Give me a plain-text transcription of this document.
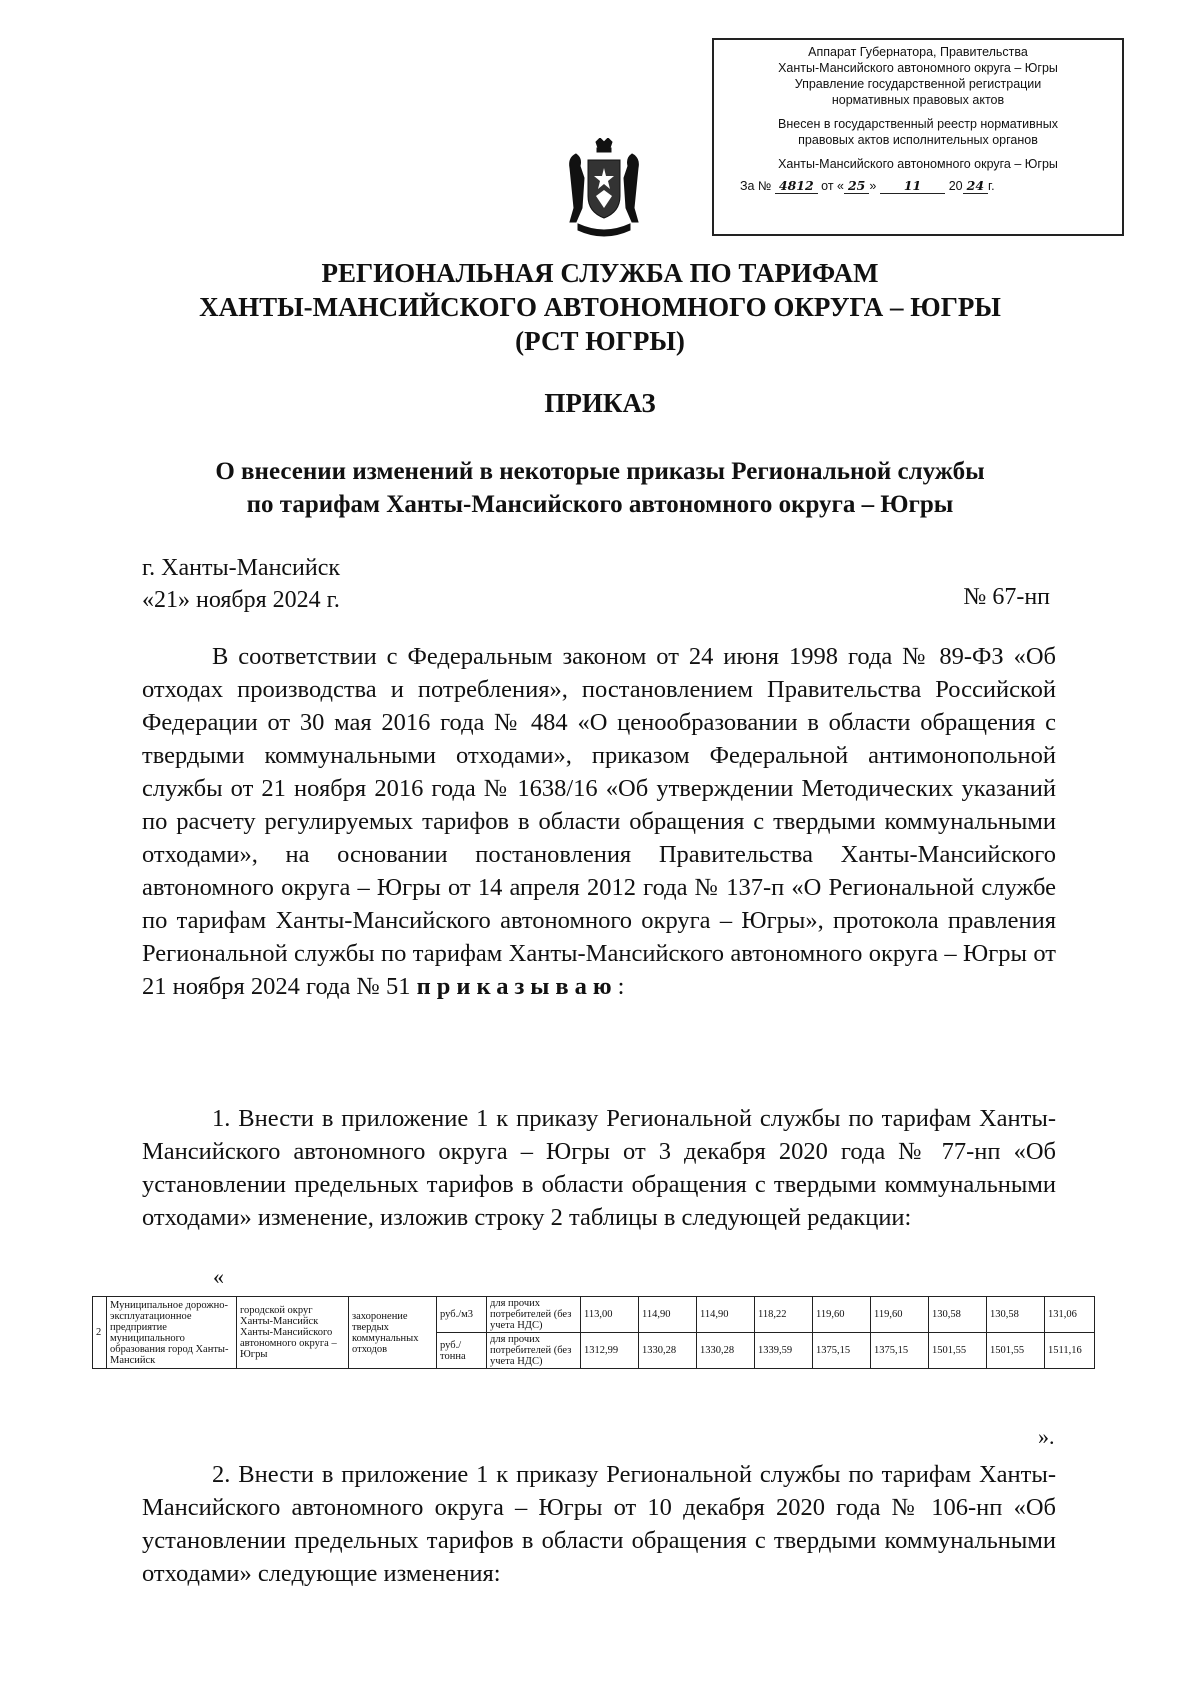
Аппарат Губернатора, Правительства
Ханты-Мансийского автономного округа – Югры
Управление государственной регистрации
нормативных правовых актов
Внесен в государственный реестр нормативных
правовых актов исполнительных органов
Ханты-Мансийского автономного округа – Югры
За № 4812 от « 25 » 11 20 24 г.
РЕГИОНАЛЬНАЯ СЛУЖБА ПО ТАРИФАМ
ХАНТЫ-МАНСИЙСКОГО АВТОНОМНОГО ОКРУГА – ЮГРЫ
(РСТ ЮГРЫ)
ПРИКАЗ
О внесении изменений в некоторые приказы Региональной службы
по тарифам Ханты-Мансийского автономного округа – Югры
г. Ханты-Мансийск
«21» ноября 2024 г.	№ 67-нп
В соответствии с Федеральным законом от 24 июня 1998 года № 89-ФЗ «Об отходах производства и потребления», постановлением Правительства Российской Федерации от 30 мая 2016 года № 484 «О ценообразовании в области обращения с твердыми коммунальными отходами», приказом Федеральной антимонопольной службы от 21 ноября 2016 года № 1638/16 «Об утверждении Методических указаний по расчету регулируемых тарифов в области обращения с твердыми коммунальными отходами», на основании постановления Правительства Ханты-Мансийского автономного округа – Югры от 14 апреля 2012 года № 137-п «О Региональной службе по тарифам Ханты-Мансийского автономного округа – Югры», протокола правления Региональной службы по тарифам Ханты-Мансийского автономного округа – Югры от 21 ноября 2024 года № 51 приказываю:
1. Внести в приложение 1 к приказу Региональной службы по тарифам Ханты-Мансийского автономного округа – Югры от 3 декабря 2020 года № 77-нп «Об установлении предельных тарифов в области обращения с твердыми коммунальными отходами» изменение, изложив строку 2 таблицы в следующей редакции:
«
2	Муниципальное дорожно-эксплуатационное предприятие муниципального образования город Ханты-Мансийск	городской округ Ханты-Мансийск Ханты-Мансийского автономного округа – Югры	захоронение твердых коммунальных отходов	руб./м3	для прочих потребителей (без учета НДС)	113,00	114,90	114,90	118,22	119,60	119,60	130,58	130,58	131,06
				руб./тонна	для прочих потребителей (без учета НДС)	1312,99	1330,28	1330,28	1339,59	1375,15	1375,15	1501,55	1501,55	1511,16
».
2. Внести в приложение 1 к приказу Региональной службы по тарифам Ханты-Мансийского автономного округа – Югры от 10 декабря 2020 года № 106-нп «Об установлении предельных тарифов в области обращения с твердыми коммунальными отходами» следующие изменения:
